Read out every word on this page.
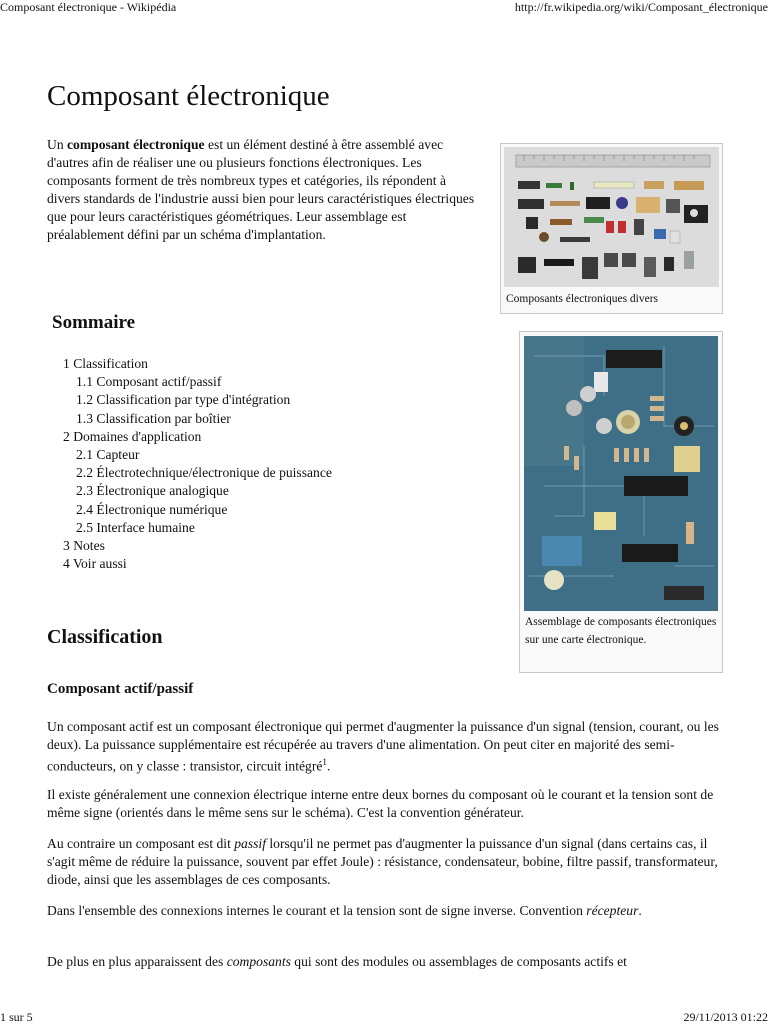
Composant électronique - Wikipédia	http://fr.wikipedia.org/wiki/Composant_électronique
Composant électronique

Un composant électronique est un élément destiné à être assemblé avec d'autres afin de réaliser une ou plusieurs fonctions électroniques. Les composants forment de très nombreux types et catégories, ils répondent à divers standards de l'industrie aussi bien pour leurs caractéristiques électriques que pour leurs caractéristiques géométriques. Leur assemblage est préalablement défini par un schéma d'implantation.

Composants électroniques divers
Assemblage de composants électroniques sur une carte électronique.
Sommaire
1 Classification
1.1 Composant actif/passif
1.2 Classification par type d'intégration
1.3 Classification par boîtier
2 Domaines d'application
2.1 Capteur
2.2 Électrotechnique/électronique de puissance
2.3 Électronique analogique
2.4 Électronique numérique
2.5 Interface humaine
3 Notes
4 Voir aussi
Classification
Composant actif/passif

Un composant actif est un composant électronique qui permet d'augmenter la puissance d'un signal (tension, courant, ou les deux). La puissance supplémentaire est récupérée au travers d'une alimentation. On peut citer en majorité des semi-conducteurs, on y classe : transistor, circuit intégré$^1$.

Il existe généralement une connexion électrique interne entre deux bornes du composant où le courant et la tension sont de même signe (orientés dans le même sens sur le schéma). C'est la convention générateur.

Au contraire un composant est dit passif lorsqu'il ne permet pas d'augmenter la puissance d'un signal (dans certains cas, il s'agit même de réduire la puissance, souvent par effet Joule) : résistance, condensateur, bobine, filtre passif, transformateur, diode, ainsi que les assemblages de ces composants.

Dans l'ensemble des connexions internes le courant et la tension sont de signe inverse. Convention récepteur.

De plus en plus apparaissent des composants qui sont des modules ou assemblages de composants actifs et

1 sur 5	29/11/2013 01:22
